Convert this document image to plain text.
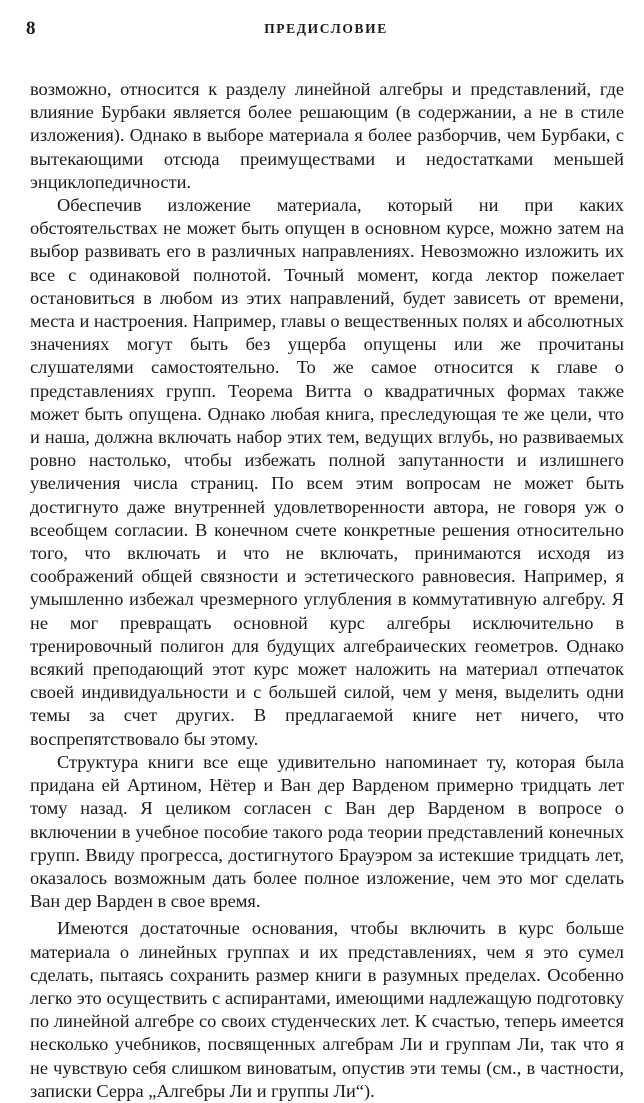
8	ПРЕДИСЛОВИЕ

возможно, относится к разделу линейной алгебры и представлений, где влияние Бурбаки является более решающим (в содержании, а не в стиле изложения). Однако в выборе материала я более разборчив, чем Бурбаки, с вытекающими отсюда преимуществами и недостатками меньшей энциклопедичности.

Обеспечив изложение материала, который ни при каких обстоятельствах не может быть опущен в основном курсе, можно затем на выбор развивать его в различных направлениях. Невозможно изложить их все с одинаковой полнотой. Точный момент, когда лектор пожелает остановиться в любом из этих направлений, будет зависеть от времени, места и настроения. Например, главы о вещественных полях и абсолютных значениях могут быть без ущерба опущены или же прочитаны слушателями самостоятельно. То же самое относится к главе о представлениях групп. Теорема Витта о квадратичных формах также может быть опущена. Однако любая книга, преследующая те же цели, что и наша, должна включать набор этих тем, ведущих вглубь, но развиваемых ровно настолько, чтобы избежать полной запутанности и излишнего увеличения числа страниц. По всем этим вопросам не может быть достигнуто даже внутренней удовлетворенности автора, не говоря уж о всеобщем согласии. В конечном счете конкретные решения относительно того, что включать и что не включать, принимаются исходя из соображений общей связности и эстетического равновесия. Например, я умышленно избежал чрезмерного углубления в коммутативную алгебру. Я не мог превращать основной курс алгебры исключительно в тренировочный полигон для будущих алгебраических геометров. Однако всякий преподающий этот курс может наложить на материал отпечаток своей индивидуальности и с большей силой, чем у меня, выделить одни темы за счет других. В предлагаемой книге нет ничего, что воспрепятствовало бы этому.

Структура книги все еще удивительно напоминает ту, которая была придана ей Артином, Нётер и Ван дер Варденом примерно тридцать лет тому назад. Я целиком согласен с Ван дер Варденом в вопросе о включении в учебное пособие такого рода теории представлений конечных групп. Ввиду прогресса, достигнутого Брауэром за истекшие тридцать лет, оказалось возможным дать более полное изложение, чем это мог сделать Ван дер Варден в свое время.

Имеются достаточные основания, чтобы включить в курс больше материала о линейных группах и их представлениях, чем я это сумел сделать, пытаясь сохранить размер книги в разумных пределах. Особенно легко это осуществить с аспирантами, имеющими надлежащую подготовку по линейной алгебре со своих студенческих лет. К счастью, теперь имеется несколько учебников, посвященных алгебрам Ли и группам Ли, так что я не чувствую себя слишком виноватым, опустив эти темы (см., в частности, записки Серра „Алгебры Ли и группы Ли“).
